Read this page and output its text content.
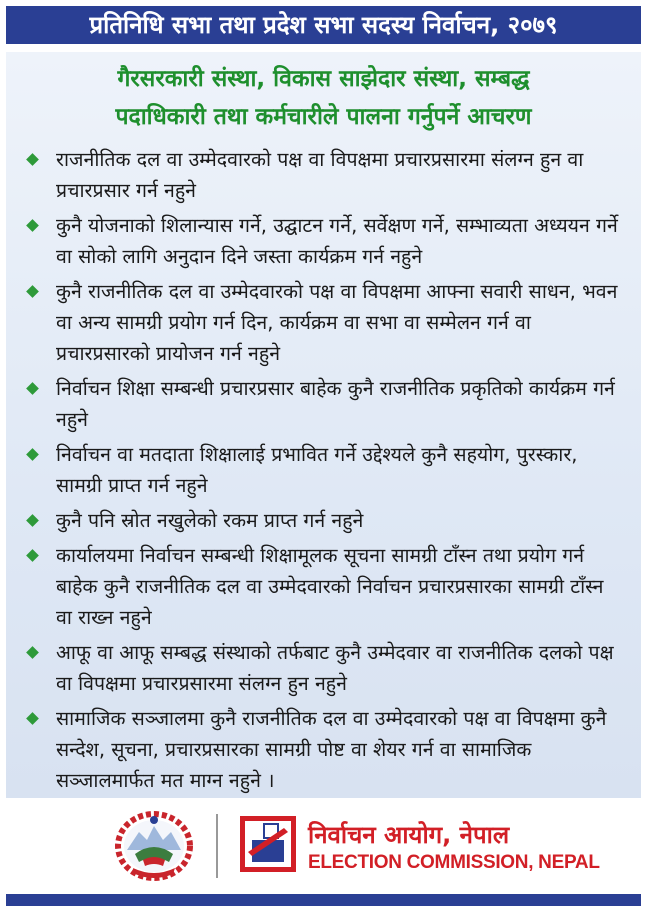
प्रतिनिधि सभा तथा प्रदेश सभा सदस्य निर्वाचन, २०७९
गैरसरकारी संस्था, विकास साझेदार संस्था, सम्बद्ध
पदाधिकारी तथा कर्मचारीले पालना गर्नुपर्ने आचरण
राजनीतिक दल वा उम्मेदवारको पक्ष वा विपक्षमा प्रचारप्रसारमा संलग्न हुन वा प्रचारप्रसार गर्न नहुने
कुनै योजनाको शिलान्यास गर्ने, उद्घाटन गर्ने, सर्वेक्षण गर्ने, सम्भाव्यता अध्ययन गर्ने वा सोको लागि अनुदान दिने जस्ता कार्यक्रम गर्न नहुने
कुनै राजनीतिक दल वा उम्मेदवारको पक्ष वा विपक्षमा आफ्ना सवारी साधन, भवन वा अन्य सामग्री प्रयोग गर्न दिन, कार्यक्रम वा सभा वा सम्मेलन गर्न वा प्रचारप्रसारको प्रायोजन गर्न नहुने
निर्वाचन शिक्षा सम्बन्धी प्रचारप्रसार बाहेक कुनै राजनीतिक प्रकृतिको कार्यक्रम गर्न नहुने
निर्वाचन वा मतदाता शिक्षालाई प्रभावित गर्ने उद्देश्यले कुनै सहयोग, पुरस्कार, सामग्री प्राप्त गर्न नहुने
कुनै पनि स्रोत नखुलेको रकम प्राप्त गर्न नहुने
कार्यालयमा निर्वाचन सम्बन्धी शिक्षामूलक सूचना सामग्री टाँस्न तथा प्रयोग गर्न बाहेक कुनै राजनीतिक दल वा उम्मेदवारको निर्वाचन प्रचारप्रसारका सामग्री टाँस्न वा राख्न नहुने
आफू वा आफू सम्बद्ध संस्थाको तर्फबाट कुनै उम्मेदवार वा राजनीतिक दलको पक्ष वा विपक्षमा प्रचारप्रसारमा संलग्न हुन नहुने
सामाजिक सञ्जालमा कुनै राजनीतिक दल वा उम्मेदवारको पक्ष वा विपक्षमा कुनै सन्देश, सूचना, प्रचारप्रसारका सामग्री पोष्ट वा शेयर गर्न वा सामाजिक सञ्जालमार्फत मत माग्न नहुने ।
निर्वाचन आयोग, नेपाल
ELECTION COMMISSION, NEPAL
